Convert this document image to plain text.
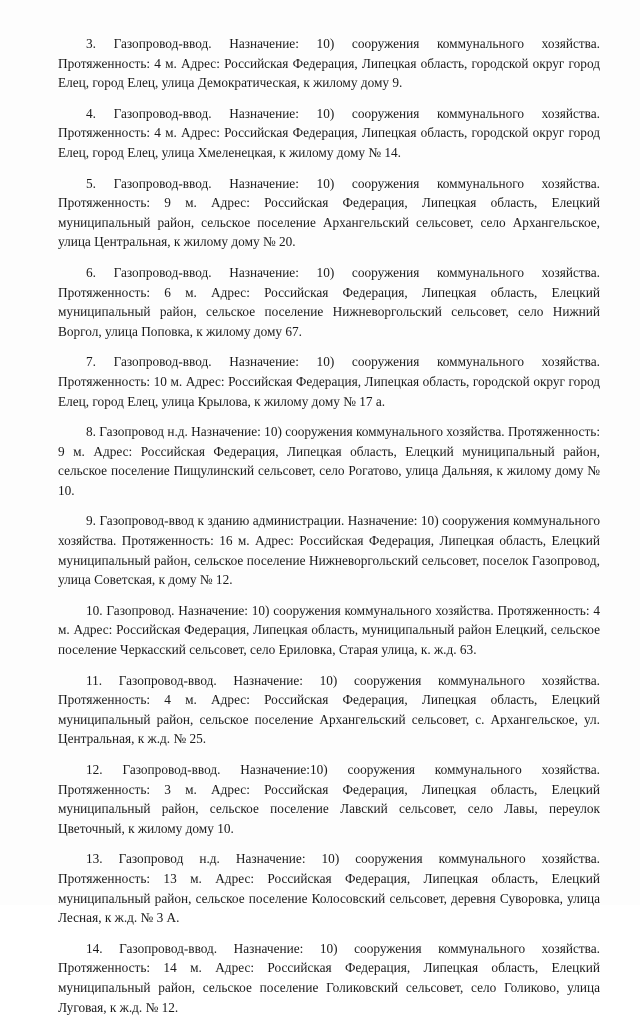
3. Газопровод-ввод. Назначение: 10) сооружения коммунального хозяйства. Протяженность: 4 м. Адрес: Российская Федерация, Липецкая область, городской округ город Елец, город Елец, улица Демократическая, к жилому дому 9.

4. Газопровод-ввод. Назначение: 10) сооружения коммунального хозяйства. Протяженность: 4 м. Адрес: Российская Федерация, Липецкая область, городской округ город Елец, город Елец, улица Хмеленецкая, к жилому дому № 14.

5. Газопровод-ввод. Назначение: 10) сооружения коммунального хозяйства. Протяженность: 9 м. Адрес: Российская Федерация, Липецкая область, Елецкий муниципальный район, сельское поселение Архангельский сельсовет, село Архангельское, улица Центральная, к жилому дому № 20.

6. Газопровод-ввод. Назначение: 10) сооружения коммунального хозяйства. Протяженность: 6 м. Адрес: Российская Федерация, Липецкая область, Елецкий муниципальный район, сельское поселение Нижневоргольский сельсовет, село Нижний Воргол, улица Поповка, к жилому дому 67.

7. Газопровод-ввод. Назначение: 10) сооружения коммунального хозяйства. Протяженность: 10 м. Адрес: Российская Федерация, Липецкая область, городской округ город Елец, город Елец, улица Крылова, к жилому дому № 17 а.

8. Газопровод н.д. Назначение: 10) сооружения коммунального хозяйства. Протяженность: 9 м. Адрес: Российская Федерация, Липецкая область, Елецкий муниципальный район, сельское поселение Пищулинский сельсовет, село Рогатово, улица Дальняя, к жилому дому № 10.

9. Газопровод-ввод к зданию администрации. Назначение: 10) сооружения коммунального хозяйства. Протяженность: 16 м. Адрес: Российская Федерация, Липецкая область, Елецкий муниципальный район, сельское поселение Нижневоргольский сельсовет, поселок Газопровод, улица Советская, к дому № 12.

10. Газопровод. Назначение: 10) сооружения коммунального хозяйства. Протяженность: 4 м. Адрес: Российская Федерация, Липецкая область, муниципальный район Елецкий, сельское поселение Черкасский сельсовет, село Ериловка, Старая улица, к. ж.д. 63.

11. Газопровод-ввод. Назначение: 10) сооружения коммунального хозяйства. Протяженность: 4 м. Адрес: Российская Федерация, Липецкая область, Елецкий муниципальный район, сельское поселение Архангельский сельсовет, с. Архангельское, ул. Центральная, к ж.д. № 25.

12. Газопровод-ввод. Назначение:10) сооружения коммунального хозяйства. Протяженность: 3 м. Адрес: Российская Федерация, Липецкая область, Елецкий муниципальный район, сельское поселение Лавский сельсовет, село Лавы, переулок Цветочный, к жилому дому 10.

13. Газопровод н.д. Назначение: 10) сооружения коммунального хозяйства. Протяженность: 13 м. Адрес: Российская Федерация, Липецкая область, Елецкий муниципальный район, сельское поселение Колосовский сельсовет, деревня Суворовка, улица Лесная, к ж.д. № 3 А.

14. Газопровод-ввод. Назначение: 10) сооружения коммунального хозяйства. Протяженность: 14 м. Адрес: Российская Федерация, Липецкая область, Елецкий муниципальный район, сельское поселение Голиковский сельсовет, село Голиково, улица Луговая, к ж.д. № 12.
